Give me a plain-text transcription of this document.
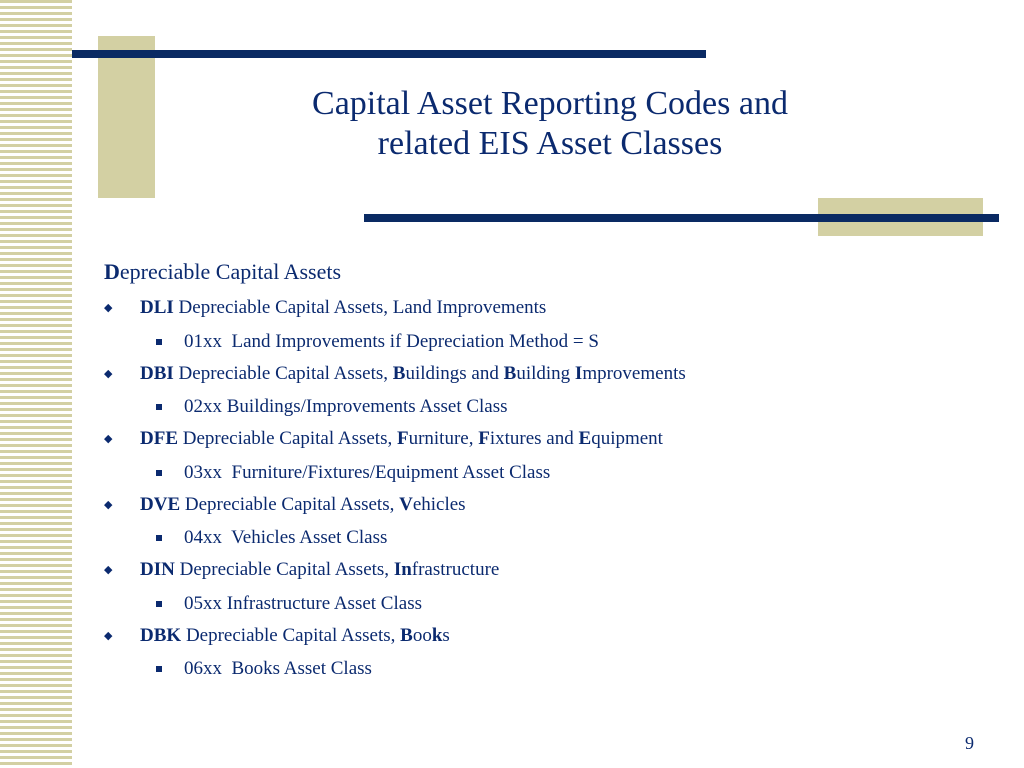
Capital Asset Reporting Codes and
related EIS Asset Classes
Depreciable Capital Assets
◆ DLI Depreciable Capital Assets, Land Improvements
01xx  Land Improvements if Depreciation Method = S
◆ DBI Depreciable Capital Assets, Buildings and Building Improvements
02xx Buildings/Improvements Asset Class
◆ DFE Depreciable Capital Assets, Furniture, Fixtures and Equipment
03xx  Furniture/Fixtures/Equipment Asset Class
◆ DVE Depreciable Capital Assets, Vehicles
04xx  Vehicles Asset Class
◆ DIN Depreciable Capital Assets, Infrastructure
05xx Infrastructure Asset Class
◆ DBK Depreciable Capital Assets, Books
06xx  Books Asset Class
9
